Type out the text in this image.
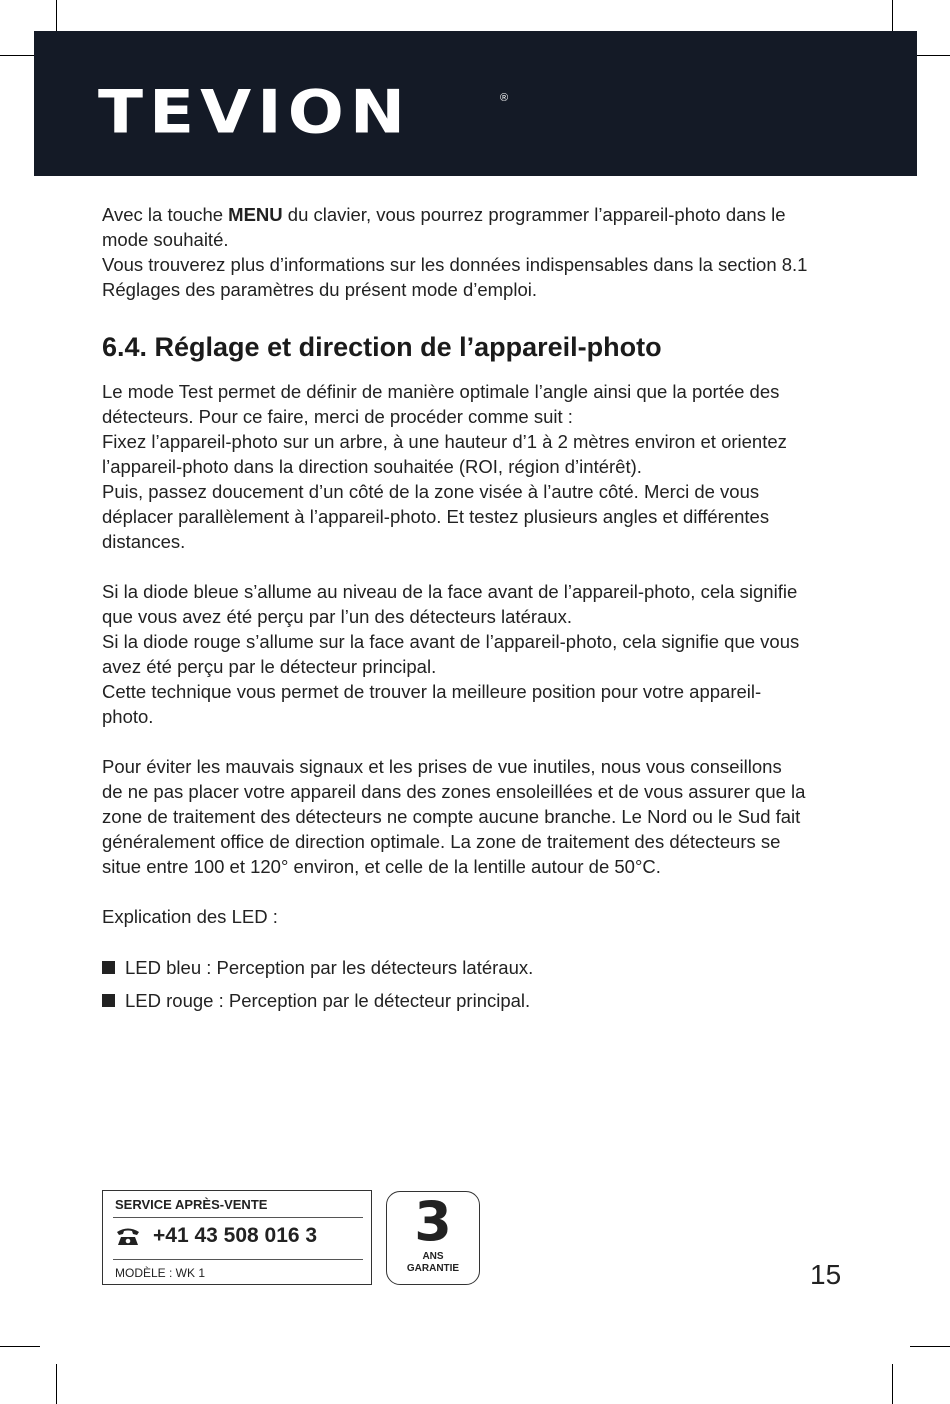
TEVION	®

Avec la touche MENU du clavier, vous pourrez programmer l’appareil-photo dans le
mode souhaité.
Vous trouverez plus d’informations sur les données indispensables dans la section 8.1
Réglages des paramètres du présent mode d’emploi.

6.4. Réglage et direction de l’appareil-photo

Le mode Test permet de définir de manière optimale l’angle ainsi que la portée des
détecteurs. Pour ce faire, merci de procéder comme suit :
Fixez l’appareil-photo sur un arbre, à une hauteur d’1 à 2 mètres environ et orientez
l’appareil-photo dans la direction souhaitée (ROI, région d’intérêt).
Puis, passez doucement d’un côté de la zone visée à l’autre côté. Merci de vous
déplacer parallèlement à l’appareil-photo. Et testez plusieurs angles et différentes
distances.

Si la diode bleue s’allume au niveau de la face avant de l’appareil-photo, cela signifie
que vous avez été perçu par l’un des détecteurs latéraux.
Si la diode rouge s’allume sur la face avant de l’appareil-photo, cela signifie que vous
avez été perçu par le détecteur principal.
Cette technique vous permet de trouver la meilleure position pour votre appareil-
photo.

Pour éviter les mauvais signaux et les prises de vue inutiles, nous vous conseillons
de ne pas placer votre appareil dans des zones ensoleillées et de vous assurer que la
zone de traitement des détecteurs ne compte aucune branche. Le Nord ou le Sud fait
généralement office de direction optimale. La zone de traitement des détecteurs se
situe entre 100 et 120° environ, et celle de la lentille autour de 50°C.

Explication des LED :

LED bleu : Perception par les détecteurs latéraux.
LED rouge : Perception par le détecteur principal.
SERVICE APRÈS-VENTE
+41 43 508 016 3
MODÈLE : WK 1
3
ANS
GARANTIE	15
